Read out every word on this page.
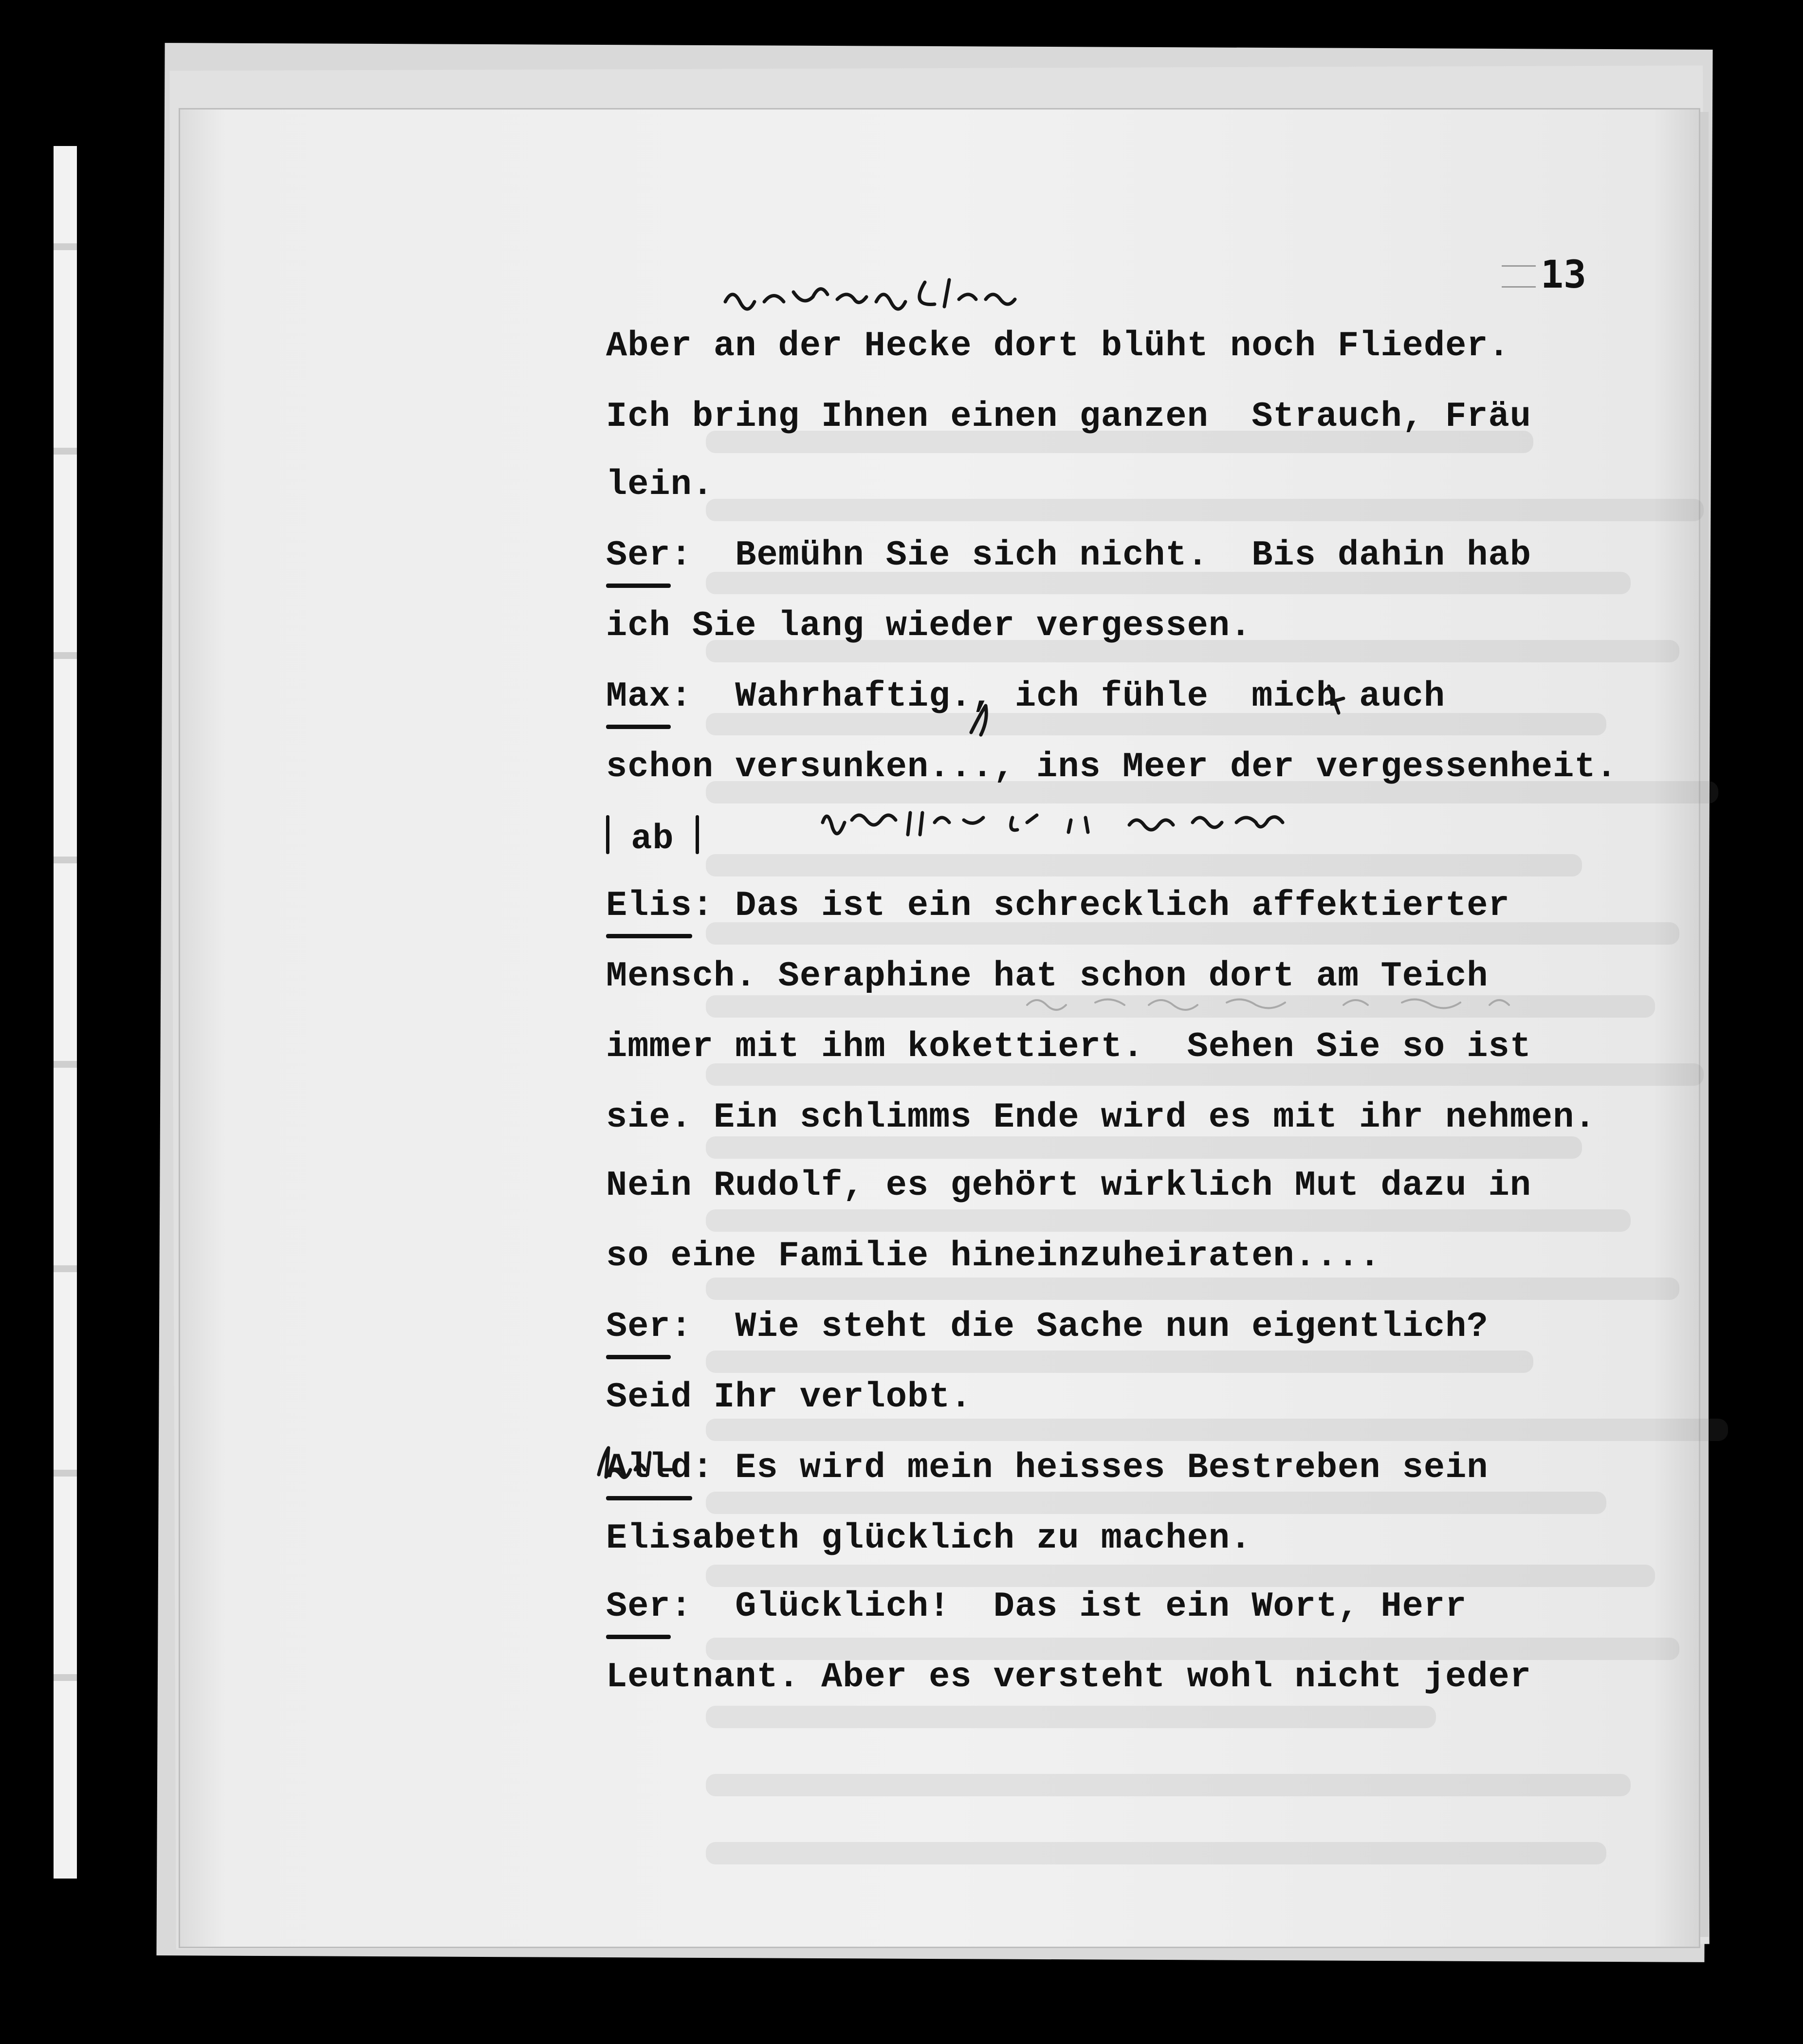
13
Aber an der Hecke dort blüht noch Flieder.
Ich bring Ihnen einen ganzen  Strauch, Fräu
lein.
Ser:  Bemühn Sie sich nicht.  Bis dahin hab
ich Sie lang wieder vergessen.
Max:  Wahrhaftig., ich fühle  mich auch
schon versunken..., ins Meer der vergessenheit.
ab
Elis: Das ist ein schrecklich affektierter
Mensch. Seraphine hat schon dort am Teich
immer mit ihm kokettiert.  Sehen Sie so ist
sie. Ein schlimms Ende wird es mit ihr nehmen.
Nein Rudolf, es gehört wirklich Mut dazu in
so eine Familie hineinzuheiraten....
Ser:  Wie steht die Sache nun eigentlich?
Seid Ihr verlobt.
Alld: Es wird mein heisses Bestreben sein
Elisabeth glücklich zu machen.
Ser:  Glücklich!  Das ist ein Wort, Herr
Leutnant. Aber es versteht wohl nicht jeder
